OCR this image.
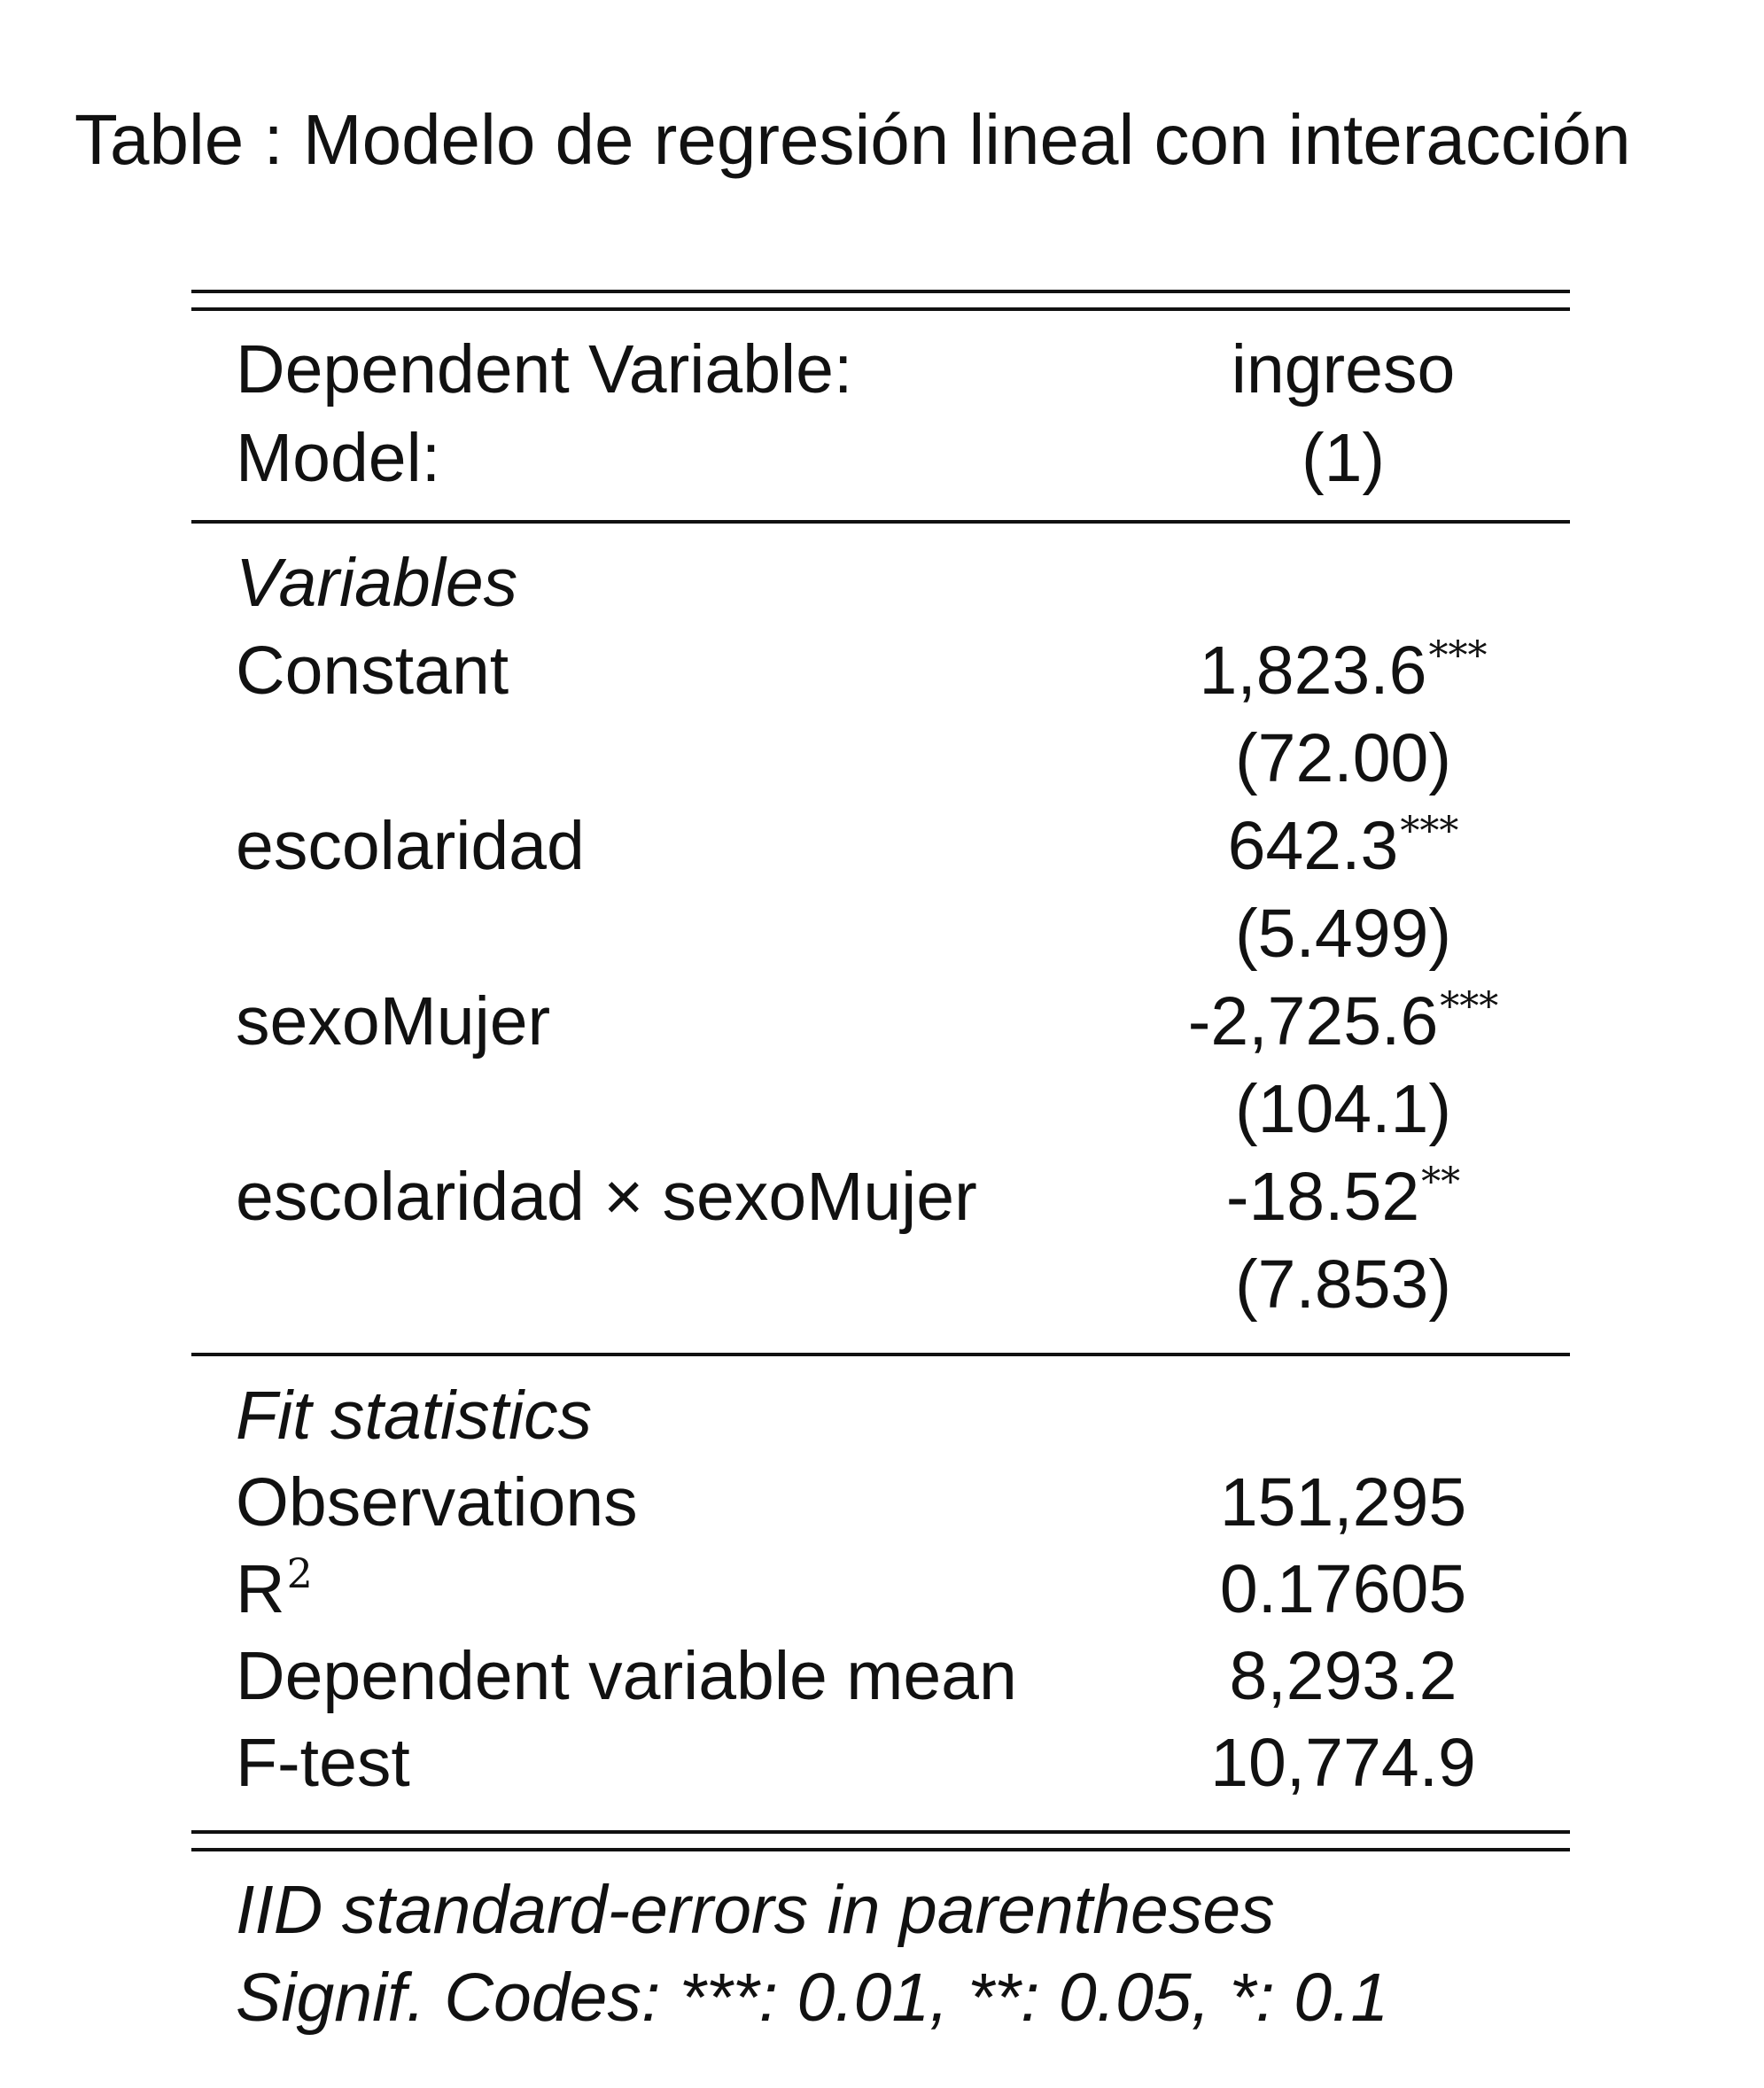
Table : Modelo de regresión lineal con interacción
Dependent Variable:	ingreso
Model:	(1)
Variables
Constant	1,823.6***
(72.00)
escolaridad	642.3***
(5.499)
sexoMujer	-2,725.6***
(104.1)
escolaridad × sexoMujer	-18.52**
(7.853)
Fit statistics
Observations	151,295
$R^2$	0.17605
Dependent variable mean	8,293.2
F-test	10,774.9
IID standard-errors in parentheses
Signif. Codes: ***: 0.01, **: 0.05, *: 0.1
